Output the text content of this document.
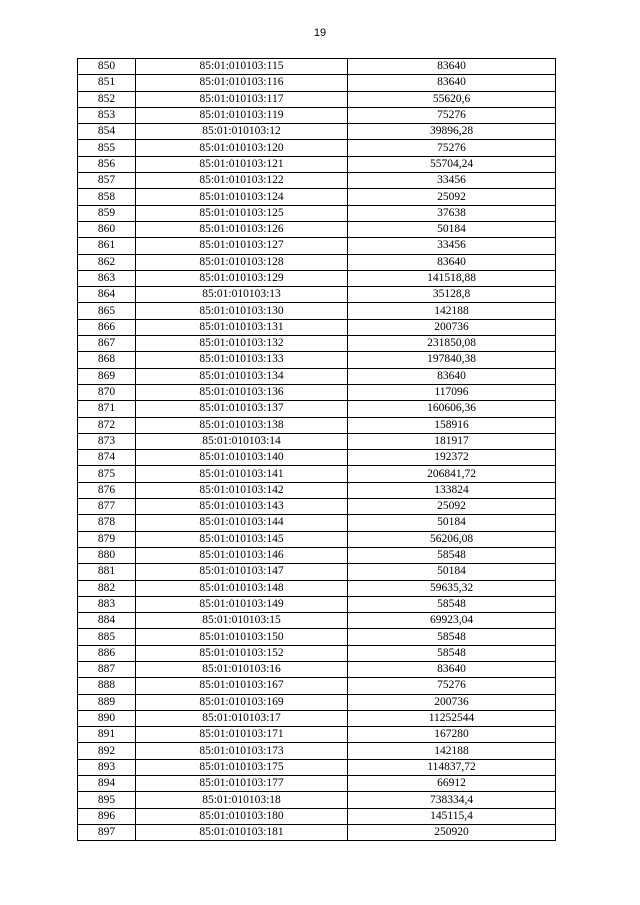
19
850	85:01:010103:115	83640
851	85:01:010103:116	83640
852	85:01:010103:117	55620,6
853	85:01:010103:119	75276
854	85:01:010103:12	39896,28
855	85:01:010103:120	75276
856	85:01:010103:121	55704,24
857	85:01:010103:122	33456
858	85:01:010103:124	25092
859	85:01:010103:125	37638
860	85:01:010103:126	50184
861	85:01:010103:127	33456
862	85:01:010103:128	83640
863	85:01:010103:129	141518,88
864	85:01:010103:13	35128,8
865	85:01:010103:130	142188
866	85:01:010103:131	200736
867	85:01:010103:132	231850,08
868	85:01:010103:133	197840,38
869	85:01:010103:134	83640
870	85:01:010103:136	117096
871	85:01:010103:137	160606,36
872	85:01:010103:138	158916
873	85:01:010103:14	181917
874	85:01:010103:140	192372
875	85:01:010103:141	206841,72
876	85:01:010103:142	133824
877	85:01:010103:143	25092
878	85:01:010103:144	50184
879	85:01:010103:145	56206,08
880	85:01:010103:146	58548
881	85:01:010103:147	50184
882	85:01:010103:148	59635,32
883	85:01:010103:149	58548
884	85:01:010103:15	69923,04
885	85:01:010103:150	58548
886	85:01:010103:152	58548
887	85:01:010103:16	83640
888	85:01:010103:167	75276
889	85:01:010103:169	200736
890	85:01:010103:17	11252544
891	85:01:010103:171	167280
892	85:01:010103:173	142188
893	85:01:010103:175	114837,72
894	85:01:010103:177	66912
895	85:01:010103:18	738334,4
896	85:01:010103:180	145115,4
897	85:01:010103:181	250920
